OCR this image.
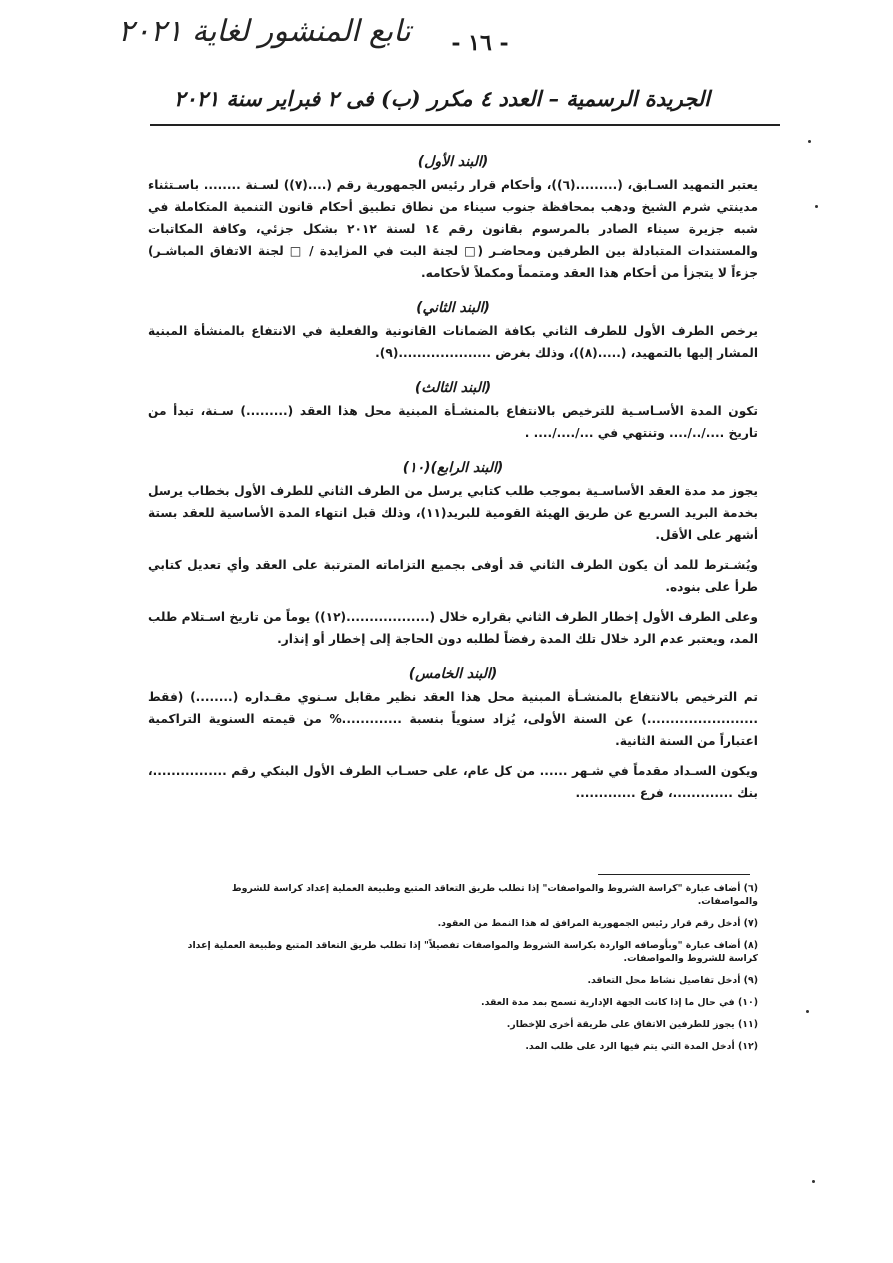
تابع المنشور لغاية ٢٠٢١	- ١٦ -
الجريدة الرسمية – العدد ٤ مكرر (ب) فى ٢ فبراير سنة ٢٠٢١

(البند الأول)

يعتبر التمهيد السـابق، (.........(٦))، وأحكام قرار رئيس الجمهورية رقم (....(٧)) لسـنة ........ باسـتثناء مدينتي شرم الشيخ ودهب بمحافظة جنوب سيناء من نطاق تطبيق أحكام قانون التنمية المتكاملة في شبه جزيرة سيناء الصادر بالمرسوم بقانون رقم ١٤ لسنة ٢٠١٢ بشكل جزئي، وكافة المكاتبات والمستندات المتبادلة بين الطرفين ومحاضـر (□ لجنة البت في المزايدة / □ لجنة الاتفاق المباشـر) جزءاً لا يتجزأ من أحكام هذا العقد ومتمماً ومكملاً لأحكامه.

(البند الثاني)

يرخص الطرف الأول للطرف الثاني بكافة الضمانات القانونية والفعلية في الانتفاع بالمنشأة المبنية المشار إليها بالتمهيد، (.....(٨))، وذلك بغرض ....................(٩).

(البند الثالث)

تكون المدة الأسـاسـية للترخيص بالانتفاع بالمنشـأة المبنية محل هذا العقد (.........) سـنة، تبدأ من تاريخ ..../../.... وتنتهي في .../..../.... .

(البند الرابع)(١٠)

يجوز مد مدة العقد الأساسـية بموجب طلب كتابي يرسل من الطرف الثاني للطرف الأول بخطاب يرسل بخدمة البريد السريع عن طريق الهيئة القومية للبريد(١١)، وذلك قبل انتهاء المدة الأساسية للعقد بستة أشهر على الأقل.

ويُشـترط للمد أن يكون الطرف الثاني قد أوفى بجميع التزاماته المترتبة على العقد وأي تعديل كتابي طرأ على بنوده.

وعلى الطرف الأول إخطار الطرف الثاني بقراره خلال (..................(١٢)) يوماً من تاريخ اسـتلام طلب المد، ويعتبر عدم الرد خلال تلك المدة رفضاً لطلبه دون الحاجة إلى إخطار أو إنذار.

(البند الخامس)

تم الترخيص بالانتفاع بالمنشـأة المبنية محل هذا العقد نظير مقابل سـنوي مقـداره (........) (فقط ........................) عن السنة الأولى، يُزاد سنوياً بنسبة .............% من قيمته السنوية التراكمية اعتباراً من السنة الثانية.

ويكون السـداد مقدماً في شـهر ...... من كل عام، على حسـاب الطرف الأول البنكي رقم ................، بنك .............، فرع .............

(٦) أضاف عبارة "كراسة الشروط والمواصفات" إذا تطلب طريق التعاقد المتبع وطبيعة العملية إعداد كراسة للشروط والمواصفات.

(٧) أدخل رقم قرار رئيس الجمهورية المرافق له هذا النمط من العقود.

(٨) أضاف عبارة "وبأوصافه الواردة بكراسة الشروط والمواصفات تفصيلاً" إذا تطلب طريق التعاقد المتبع وطبيعة العملية إعداد كراسة للشروط والمواصفات.

(٩) أدخل تفاصيل نشاط محل التعاقد.

(١٠) في حال ما إذا كانت الجهة الإدارية تسمح بمد مدة العقد.

(١١) يجوز للطرفين الاتفاق على طريقة أخرى للإخطار.

(١٢) أدخل المدة التي يتم فيها الرد على طلب المد.
